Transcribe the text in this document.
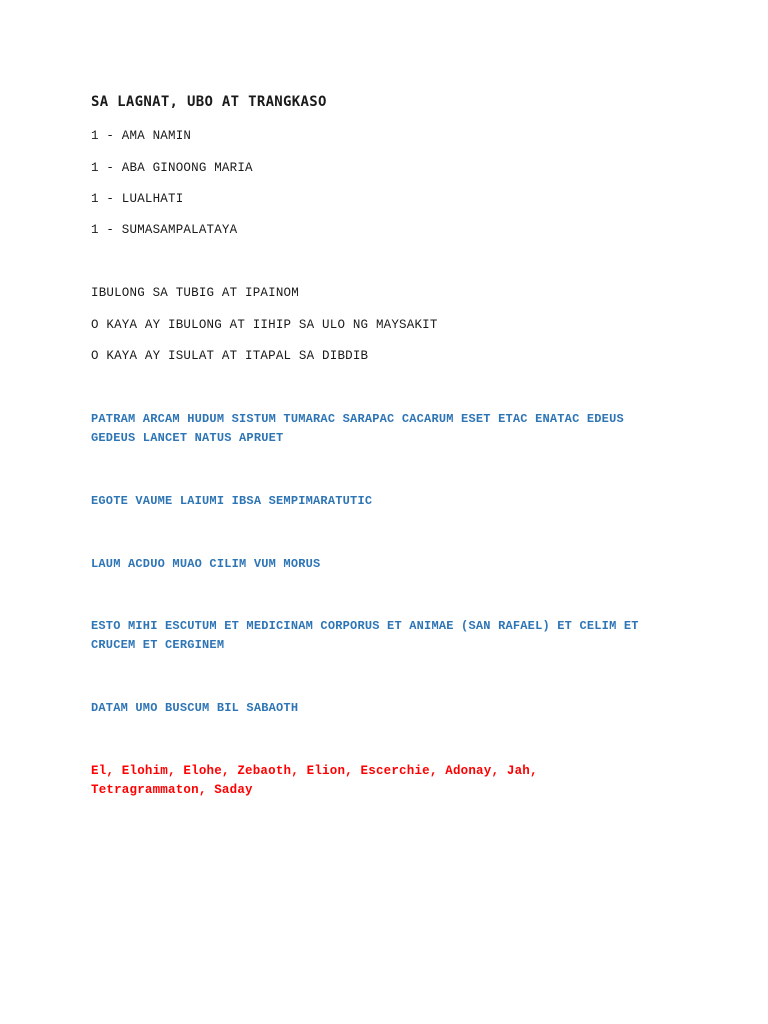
SA LAGNAT, UBO AT TRANGKASO
1 - AMA NAMIN
1 - ABA GINOONG MARIA
1 - LUALHATI
1 - SUMASAMPALATAYA
IBULONG SA TUBIG AT IPAINOM
O KAYA AY IBULONG AT IIHIP SA ULO NG MAYSAKIT
O KAYA AY ISULAT AT ITAPAL SA DIBDIB
PATRAM ARCAM HUDUM SISTUM TUMARAC SARAPAC CACARUM ESET ETAC ENATAC EDEUS GEDEUS LANCET NATUS APRUET
EGOTE VAUME LAIUMI IBSA SEMPIMARATUTIC
LAUM ACDUO MUAO CILIM VUM MORUS
ESTO MIHI ESCUTUM ET MEDICINAM CORPORUS ET ANIMAE (SAN RAFAEL) ET CELIM ET CRUCEM ET CERGINEM
DATAM UMO BUSCUM BIL SABAOTH
El, Elohim, Elohe, Zebaoth, Elion, Escerchie, Adonay, Jah, Tetragrammaton, Saday
